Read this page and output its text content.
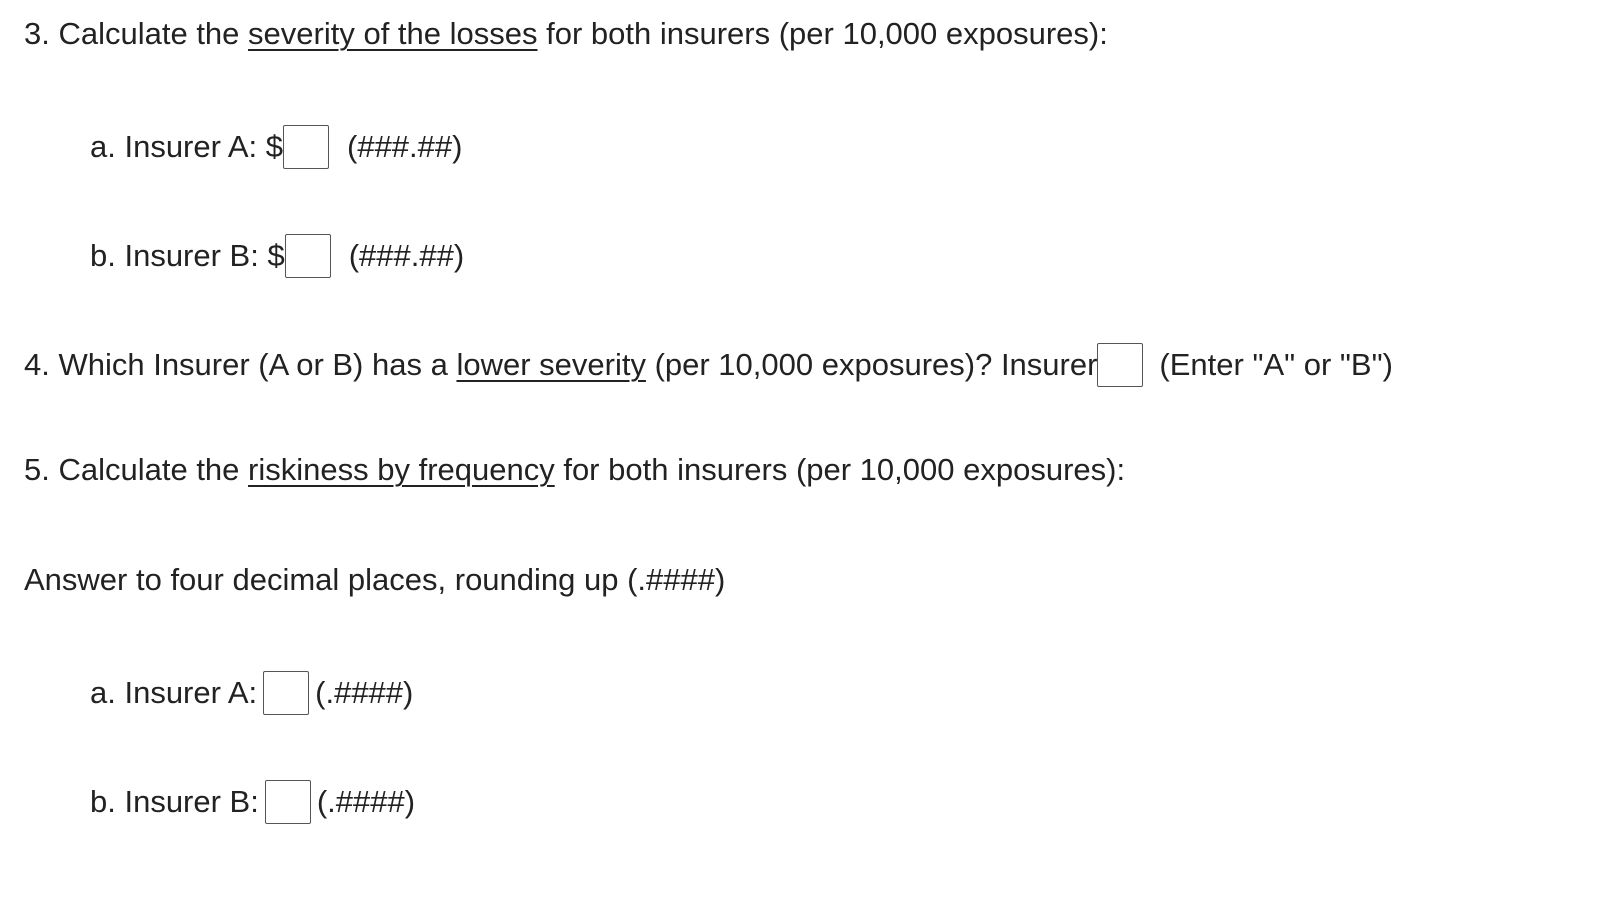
3. Calculate the severity of the losses for both insurers (per 10,000 exposures):
a. Insurer A: $ (###.##)
b. Insurer B: $ (###.##)
4. Which Insurer (A or B) has a lower severity (per 10,000 exposures)? Insurer (Enter "A" or "B")
5. Calculate the riskiness by frequency for both insurers (per 10,000 exposures):
Answer to four decimal places, rounding up (.####)
a. Insurer A: (.####)
b. Insurer B: (.####)
